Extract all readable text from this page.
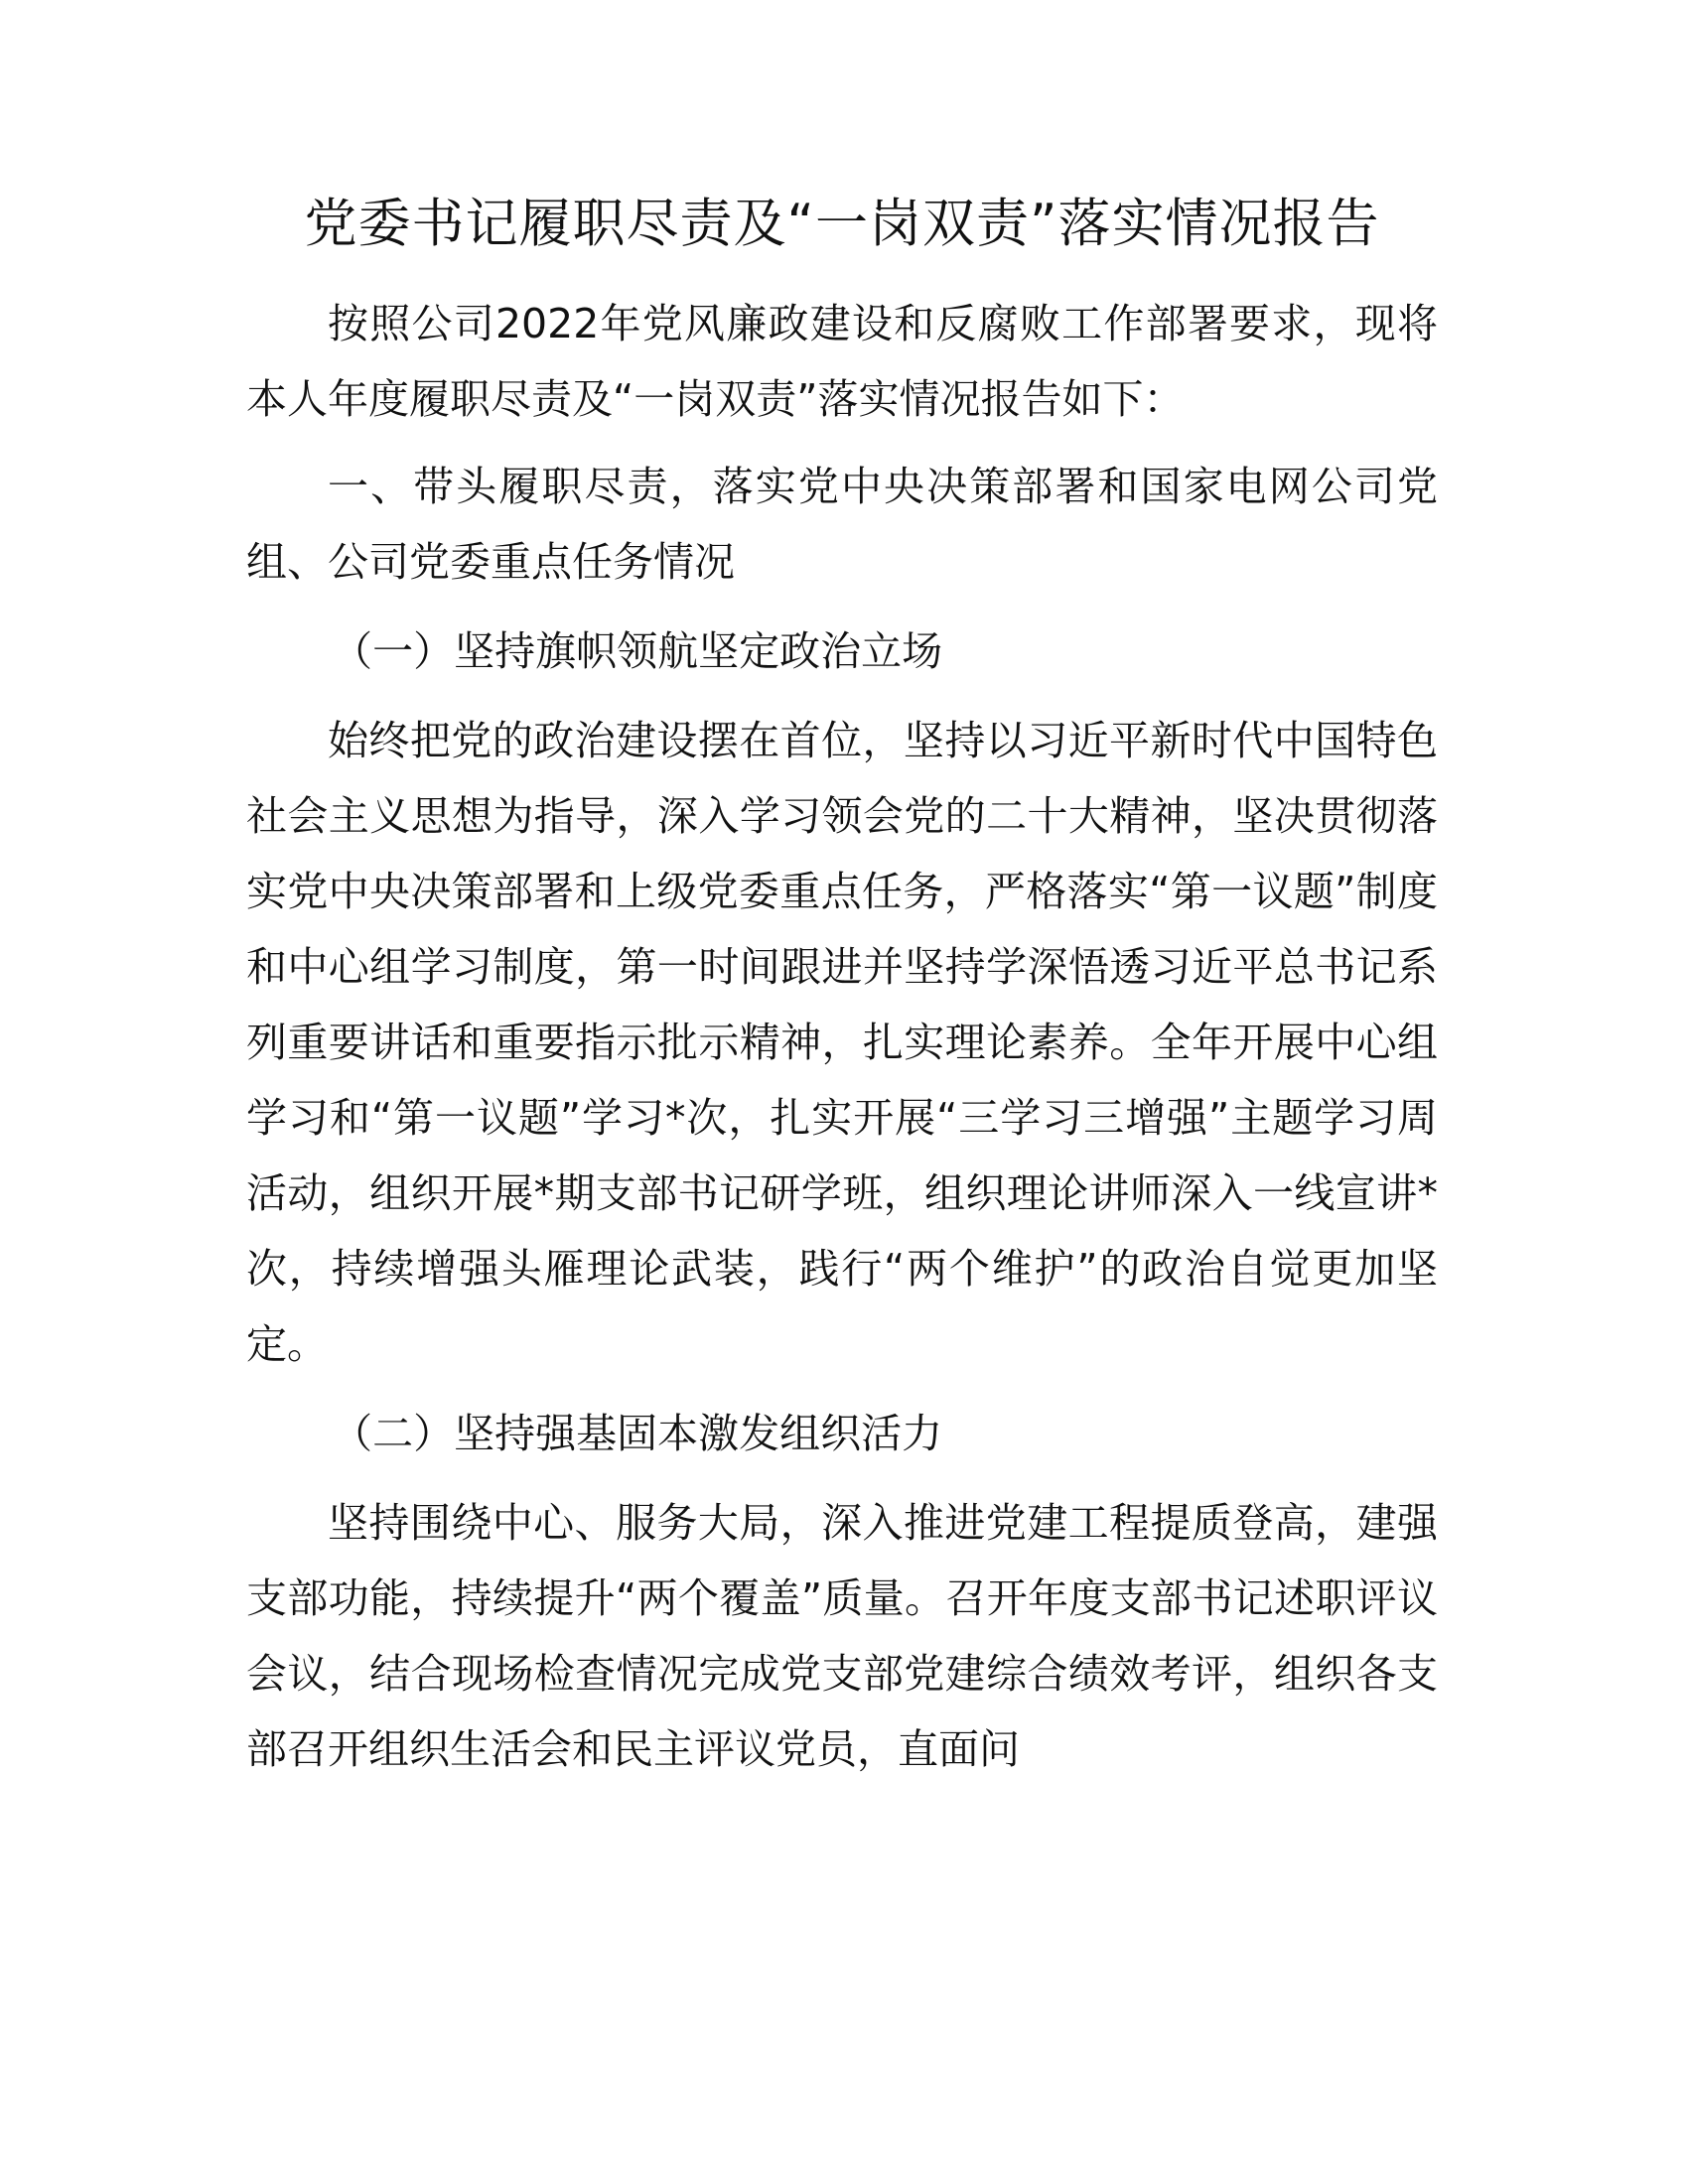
党委书记履职尽责及“一岗双责”落实情况报告

按照公司2022年党风廉政建设和反腐败工作部署要求，现将本人年度履职尽责及“一岗双责”落实情况报告如下：

一、带头履职尽责，落实党中央决策部署和国家电网公司党组、公司党委重点任务情况

（一）坚持旗帜领航坚定政治立场

始终把党的政治建设摆在首位，坚持以习近平新时代中国特色社会主义思想为指导，深入学习领会党的二十大精神，坚决贯彻落实党中央决策部署和上级党委重点任务，严格落实“第一议题”制度和中心组学习制度，第一时间跟进并坚持学深悟透习近平总书记系列重要讲话和重要指示批示精神，扎实理论素养。全年开展中心组学习和“第一议题”学习*次，扎实开展“三学习三增强”主题学习周活动，组织开展*期支部书记研学班，组织理论讲师深入一线宣讲*次，持续增强头雁理论武装，践行“两个维护”的政治自觉更加坚定。

（二）坚持强基固本激发组织活力

坚持围绕中心、服务大局，深入推进党建工程提质登高，建强支部功能，持续提升“两个覆盖”质量。召开年度支部书记述职评议会议，结合现场检查情况完成党支部党建综合绩效考评，组织各支部召开组织生活会和民主评议党员，直面问
